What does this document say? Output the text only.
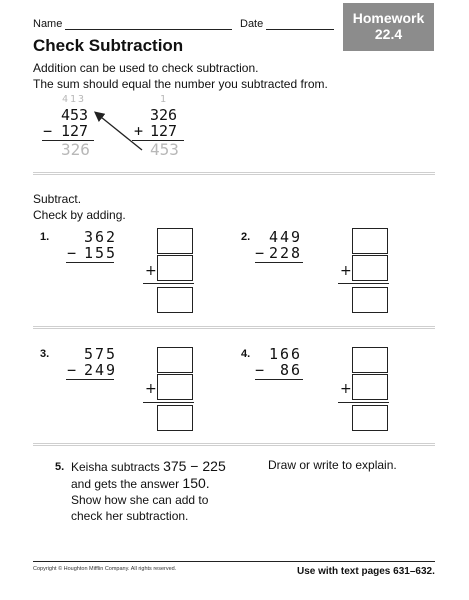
Name	Date	Homework
22.4
Check Subtraction
Addition can be used to check subtraction.
The sum should equal the number you subtracted from.
413
453
− 127
326
1
326
+ 127
453
Subtract.
Check by adding.
1. 362
− 155
+
2. 449
− 228
+
3. 575
− 249
+
4. 166
− 86
+
5. Keisha subtracts 375 − 225
and gets the answer 150.
Show how she can add to
check her subtraction.
Draw or write to explain.
Copyright © Houghton Mifflin Company. All rights reserved.	Use with text pages 631–632.
